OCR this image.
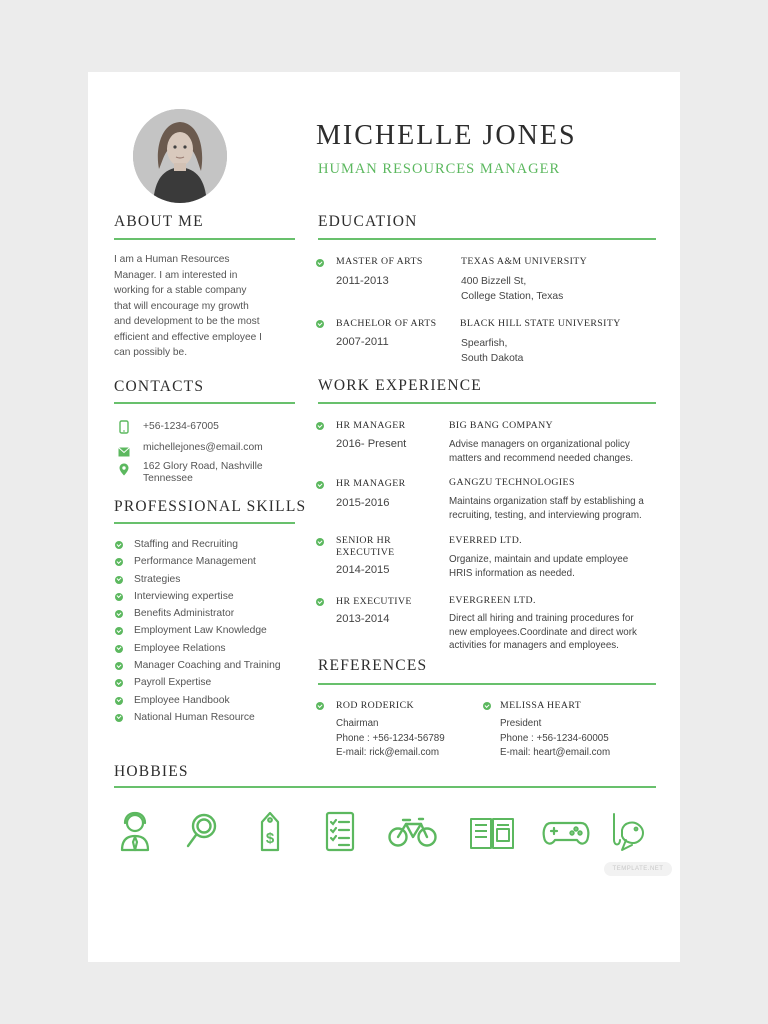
MICHELLE JONES
HUMAN RESOURCES MANAGER
ABOUT ME
I am a Human Resources
Manager. I am interested in
working for a stable company
that will encourage my growth
and development to be the most
efficient and effective employee I
can possibly be.
CONTACTS
+56-1234-67005
michellejones@email.com
162 Glory Road, Nashville
Tennessee
PROFESSIONAL SKILLS
Staffing and Recruiting
Performance Management
Strategies
Interviewing expertise
Benefits Administrator
Employment Law Knowledge
Employee Relations
Manager Coaching and Training
Payroll Expertise
Employee Handbook
National Human Resource
EDUCATION
MASTER OF ARTS
2011-2013
TEXAS A&M UNIVERSITY
400 Bizzell St,
College Station, Texas
BACHELOR OF ARTS
2007-2011
BLACK HILL STATE UNIVERSITY
Spearfish,
South Dakota
WORK EXPERIENCE
HR MANAGER
2016- Present
BIG BANG COMPANY
Advise managers on organizational policy
matters and recommend needed changes.
HR MANAGER
2015-2016
GANGZU TECHNOLOGIES
Maintains organization staff by establishing a
recruiting, testing, and interviewing program.
SENIOR HR
EXECUTIVE
2014-2015
EVERRED LTD.
Organize, maintain and update employee
HRIS information as needed.
HR EXECUTIVE
2013-2014
EVERGREEN LTD.
Direct all hiring and training procedures for
new employees.Coordinate and direct work
activities for managers and employees.
REFERENCES
ROD RODERICK
Chairman
Phone : +56-1234-56789
E-mail: rick@email.com
MELISSA HEART
President
Phone : +56-1234-60005
E-mail: heart@email.com
HOBBIES
$
TEMPLATE.NET
